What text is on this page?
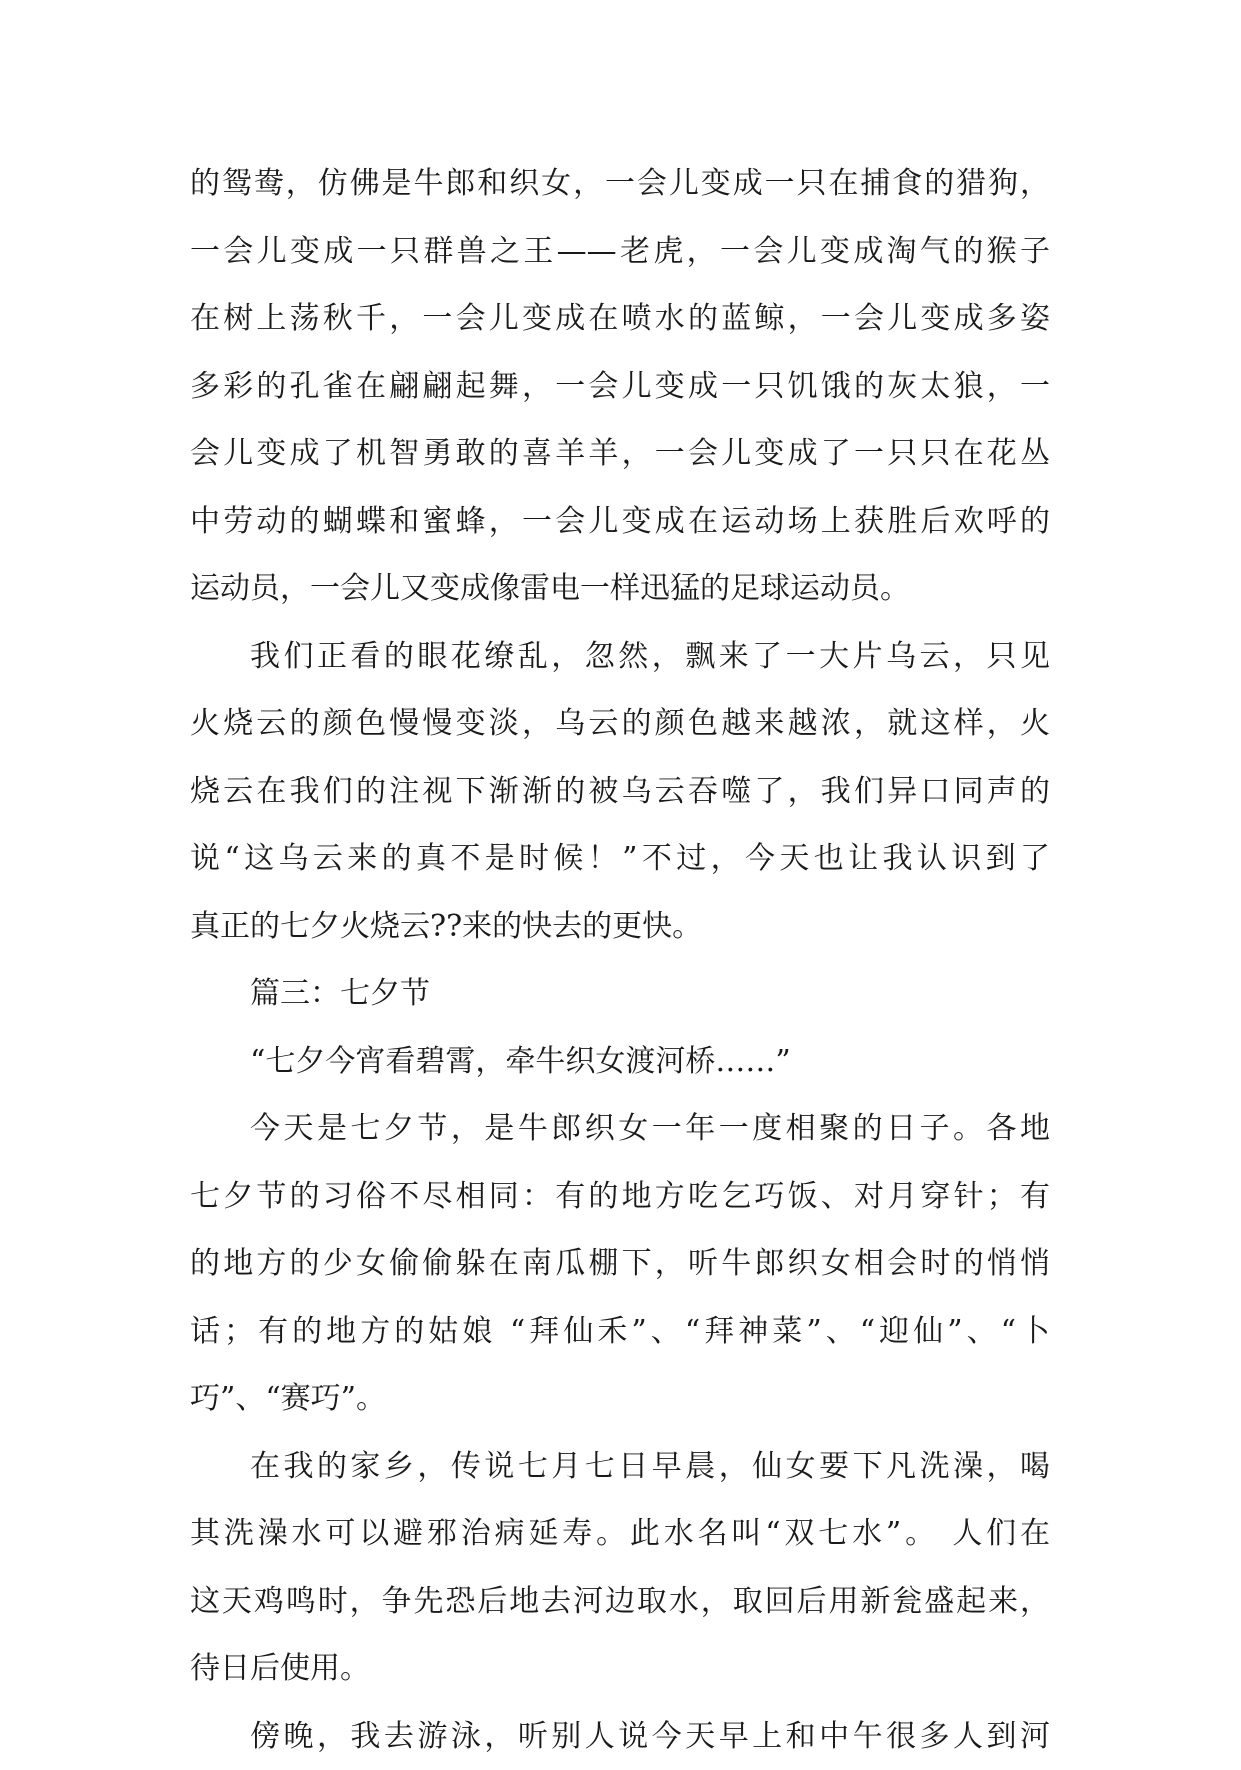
的鸳鸯，仿佛是牛郎和织女，一会儿变成一只在捕食的猎狗，
一会儿变成一只群兽之王——老虎，一会儿变成淘气的猴子
在树上荡秋千，一会儿变成在喷水的蓝鲸，一会儿变成多姿
多彩的孔雀在翩翩起舞，一会儿变成一只饥饿的灰太狼，一
会儿变成了机智勇敢的喜羊羊，一会儿变成了一只只在花丛
中劳动的蝴蝶和蜜蜂，一会儿变成在运动场上获胜后欢呼的
运动员，一会儿又变成像雷电一样迅猛的足球运动员。
我们正看的眼花缭乱，忽然，飘来了一大片乌云，只见
火烧云的颜色慢慢变淡，乌云的颜色越来越浓，就这样，火
烧云在我们的注视下渐渐的被乌云吞噬了，我们异口同声的
说“这乌云来的真不是时候！”不过，今天也让我认识到了
真正的七夕火烧云??来的快去的更快。
篇三：七夕节
“七夕今宵看碧霄，牵牛织女渡河桥……”
今天是七夕节，是牛郎织女一年一度相聚的日子。各地
七夕节的习俗不尽相同：有的地方吃乞巧饭、对月穿针；有
的地方的少女偷偷躲在南瓜棚下，听牛郎织女相会时的悄悄
话；有的地方的姑娘 “拜仙禾”、“拜神菜”、“迎仙”、“卜
巧”、“赛巧”。
在我的家乡，传说七月七日早晨，仙女要下凡洗澡，喝
其洗澡水可以避邪治病延寿。此水名叫“双七水”。 人们在
这天鸡鸣时，争先恐后地去河边取水，取回后用新瓮盛起来，
待日后使用。
傍晚，我去游泳，听别人说今天早上和中午很多人到河
